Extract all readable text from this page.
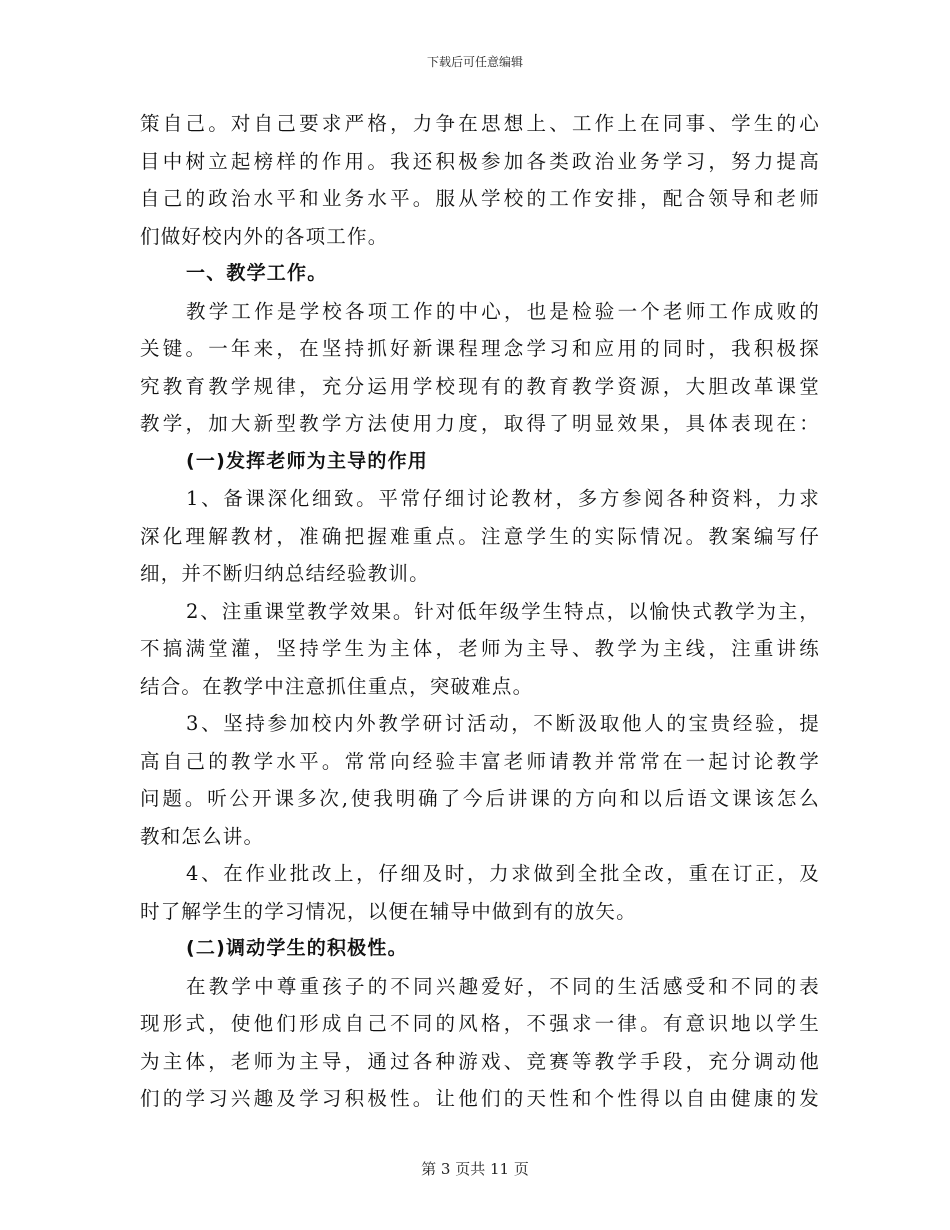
下载后可任意编辑
策自己。对自己要求严格，力争在思想上、工作上在同事、学生的心
目中树立起榜样的作用。我还积极参加各类政治业务学习，努力提高
自己的政治水平和业务水平。服从学校的工作安排，配合领导和老师
们做好校内外的各项工作。
一、教学工作。
教学工作是学校各项工作的中心，也是检验一个老师工作成败的
关键。一年来，在坚持抓好新课程理念学习和应用的同时，我积极探
究教育教学规律，充分运用学校现有的教育教学资源，大胆改革课堂
教学，加大新型教学方法使用力度，取得了明显效果，具体表现在：
(一)发挥老师为主导的作用
1、备课深化细致。平常仔细讨论教材，多方参阅各种资料，力求
深化理解教材，准确把握难重点。注意学生的实际情况。教案编写仔
细，并不断归纳总结经验教训。
2、注重课堂教学效果。针对低年级学生特点，以愉快式教学为主，
不搞满堂灌，坚持学生为主体，老师为主导、教学为主线，注重讲练
结合。在教学中注意抓住重点，突破难点。
3、坚持参加校内外教学研讨活动，不断汲取他人的宝贵经验，提
高自己的教学水平。常常向经验丰富老师请教并常常在一起讨论教学
问题。听公开课多次,使我明确了今后讲课的方向和以后语文课该怎么
教和怎么讲。
4、在作业批改上，仔细及时，力求做到全批全改，重在订正，及
时了解学生的学习情况，以便在辅导中做到有的放矢。
(二)调动学生的积极性。
在教学中尊重孩子的不同兴趣爱好，不同的生活感受和不同的表
现形式，使他们形成自己不同的风格，不强求一律。有意识地以学生
为主体，老师为主导，通过各种游戏、竞赛等教学手段，充分调动他
们的学习兴趣及学习积极性。让他们的天性和个性得以自由健康的发
第 3 页共 11 页
